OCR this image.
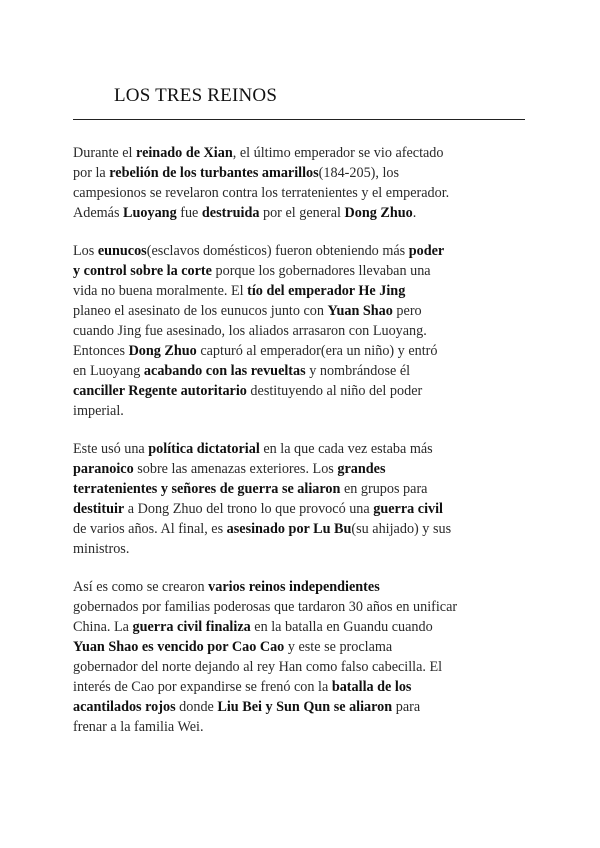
LOS TRES REINOS

Durante el reinado de Xian, el último emperador se vio afectado
por la rebelión de los turbantes amarillos(184-205), los
campesionos se revelaron contra los terratenientes y el emperador.
Además Luoyang fue destruida por el general Dong Zhuo.

Los eunucos(esclavos domésticos) fueron obteniendo más poder
y control sobre la corte porque los gobernadores llevaban una
vida no buena moralmente. El tío del emperador He Jing
planeo el asesinato de los eunucos junto con Yuan Shao pero
cuando Jing fue asesinado, los aliados arrasaron con Luoyang.
Entonces Dong Zhuo capturó al emperador(era un niño) y entró
en Luoyang acabando con las revueltas y nombrándose él
canciller Regente autoritario destituyendo al niño del poder
imperial.

Este usó una política dictatorial en la que cada vez estaba más
paranoico sobre las amenazas exteriores. Los grandes
terratenientes y señores de guerra se aliaron en grupos para
destituir a Dong Zhuo del trono lo que provocó una guerra civil
de varios años. Al final, es asesinado por Lu Bu(su ahijado) y sus
ministros.

Así es como se crearon varios reinos independientes
gobernados por familias poderosas que tardaron 30 años en unificar
China. La guerra civil finaliza en la batalla en Guandu cuando
Yuan Shao es vencido por Cao Cao y este se proclama
gobernador del norte dejando al rey Han como falso cabecilla. El
interés de Cao por expandirse se frenó con la batalla de los
acantilados rojos donde Liu Bei y Sun Qun se aliaron para
frenar a la familia Wei.
